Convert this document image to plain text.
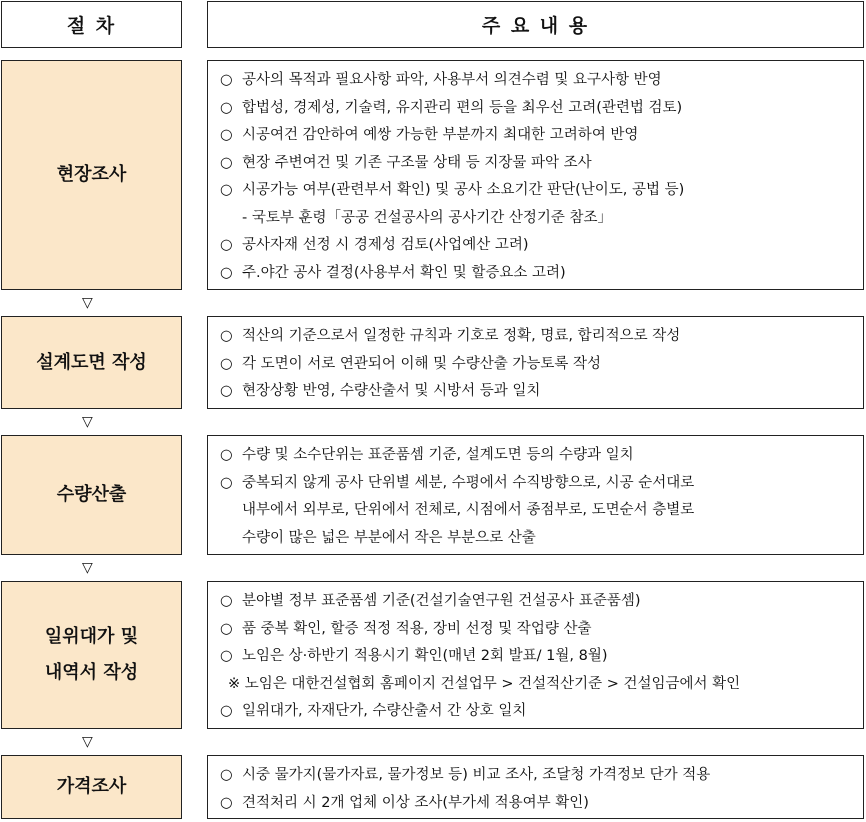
절 차	주 요 내 용
현장조사
○ 공사의 목적과 필요사항 파악, 사용부서 의견수렴 및 요구사항 반영
○ 합법성, 경제성, 기술력, 유지관리 편의 등을 최우선 고려(관련법 검토)
○ 시공여건 감안하여 예쌍 가능한 부분까지 최대한 고려하여 반영
○ 현장 주변여건 및 기존 구조물 상태 등 지장물 파악 조사
○ 시공가능 여부(관련부서 확인) 및 공사 소요기간 판단(난이도, 공법 등)
- 국토부 훈령「공공 건설공사의 공사기간 산정기준 참조」
○ 공사자재 선정 시 경제성 검토(사업예산 고려)
○ 주.야간 공사 결정(사용부서 확인 및 할증요소 고려)
▽
설계도면 작성
○ 적산의 기준으로서 일정한 규칙과 기호로 정확, 명료, 합리적으로 작성
○ 각 도면이 서로 연관되어 이해 및 수량산출 가능토록 작성
○ 현장상황 반영, 수량산출서 및 시방서 등과 일치
▽
수량산출
○ 수량 및 소수단위는 표준품셈 기준, 설계도면 등의 수량과 일치
○ 중복되지 않게 공사 단위별 세분, 수평에서 수직방향으로, 시공 순서대로
내부에서 외부로, 단위에서 전체로, 시점에서 종점부로, 도면순서 층별로
수량이 많은 넓은 부분에서 작은 부분으로 산출
▽
일위대가 및
내역서 작성
○ 분야별 정부 표준품셈 기준(건설기술연구원 건설공사 표준품셈)
○ 품 중복 확인, 할증 적정 적용, 장비 선정 및 작업량 산출
○ 노임은 상·하반기 적용시기 확인(매년 2회 발표/ 1월, 8월)
※ 노임은 대한건설협회 홈페이지 건설업무 > 건설적산기준 > 건설임금에서 확인
○ 일위대가, 자재단가, 수량산출서 간 상호 일치
▽
가격조사
○ 시중 물가지(물가자료, 물가정보 등) 비교 조사, 조달청 가격정보 단가 적용
○ 견적처리 시 2개 업체 이상 조사(부가세 적용여부 확인)
